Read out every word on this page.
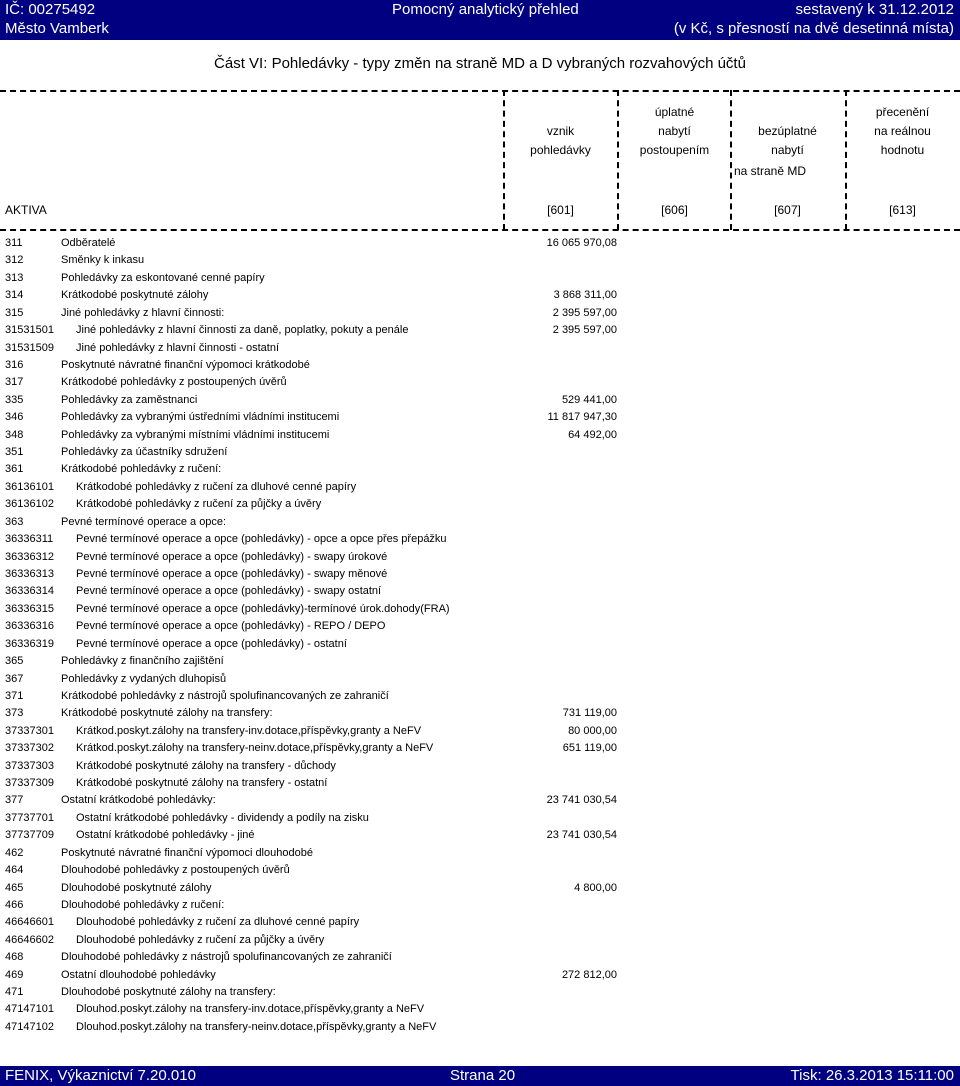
IČ: 00275492
Město Vamberk
Pomocný analytický přehled	sestavený k 31.12.2012
(v Kč, s přesností na dvě desetinná místa)
Část VI: Pohledávky - typy změn na straně MD a D vybraných rozvahových účtů
vznik
pohledávky
úplatné
nabytí
postoupením
bezúplatné
nabytí
přecenění
na reálnou
hodnotu
na straně MD
AKTIVA	[601]	[606]	[607]	[613]
311	Odběratelé	16 065 970,08
312	Směnky k inkasu
313	Pohledávky za eskontované cenné papíry
314	Krátkodobé poskytnuté zálohy	3 868 311,00
315	Jiné pohledávky z hlavní činnosti:	2 395 597,00
31531501 Jiné pohledávky z hlavní činnosti za daně, poplatky, pokuty a penále	2 395 597,00
31531509 Jiné pohledávky z hlavní činnosti - ostatní
316	Poskytnuté návratné finanční výpomoci krátkodobé
317	Krátkodobé pohledávky z postoupených úvěrů
335	Pohledávky za zaměstnanci	529 441,00
346	Pohledávky za vybranými ústředními vládními institucemi	11 817 947,30
348	Pohledávky za vybranými místními vládními institucemi	64 492,00
351	Pohledávky za účastníky sdružení
361	Krátkodobé pohledávky z ručení:
36136101 Krátkodobé pohledávky z ručení za dluhové cenné papíry
36136102 Krátkodobé pohledávky z ručení za půjčky a úvěry
363	Pevné termínové operace a opce:
36336311 Pevné termínové operace a opce (pohledávky) - opce a opce přes přepážku
36336312 Pevné termínové operace a opce (pohledávky) - swapy úrokové
36336313 Pevné termínové operace a opce (pohledávky) - swapy měnové
36336314 Pevné termínové operace a opce (pohledávky) - swapy ostatní
36336315 Pevné termínové operace a opce (pohledávky)-termínové úrok.dohody(FRA)
36336316 Pevné termínové operace a opce (pohledávky) - REPO / DEPO
36336319 Pevné termínové operace a opce (pohledávky) - ostatní
365	Pohledávky z finančního zajištění
367	Pohledávky z vydaných dluhopisů
371	Krátkodobé pohledávky z nástrojů spolufinancovaných ze zahraničí
373	Krátkodobé poskytnuté zálohy na transfery:	731 119,00
37337301 Krátkod.poskyt.zálohy na transfery-inv.dotace,příspěvky,granty a NeFV	80 000,00
37337302 Krátkod.poskyt.zálohy na transfery-neinv.dotace,příspěvky,granty a NeFV	651 119,00
37337303 Krátkodobé poskytnuté zálohy na transfery - důchody
37337309 Krátkodobé poskytnuté zálohy na transfery - ostatní
377	Ostatní krátkodobé pohledávky:	23 741 030,54
37737701 Ostatní krátkodobé pohledávky - dividendy a podíly na zisku
37737709 Ostatní krátkodobé pohledávky - jiné	23 741 030,54
462	Poskytnuté návratné finanční výpomoci dlouhodobé
464	Dlouhodobé pohledávky z postoupených úvěrů
465	Dlouhodobé poskytnuté zálohy	4 800,00
466	Dlouhodobé pohledávky z ručení:
46646601 Dlouhodobé pohledávky z ručení za dluhové cenné papíry
46646602 Dlouhodobé pohledávky z ručení za půjčky a úvěry
468	Dlouhodobé pohledávky z nástrojů spolufinancovaných ze zahraničí
469	Ostatní dlouhodobé pohledávky	272 812,00
471	Dlouhodobé poskytnuté zálohy na transfery:
47147101 Dlouhod.poskyt.zálohy na transfery-inv.dotace,příspěvky,granty a NeFV
47147102 Dlouhod.poskyt.zálohy na transfery-neinv.dotace,příspěvky,granty a NeFV
FENIX, Výkaznictví 7.20.010	Strana 20	Tisk: 26.3.2013 15:11:00
